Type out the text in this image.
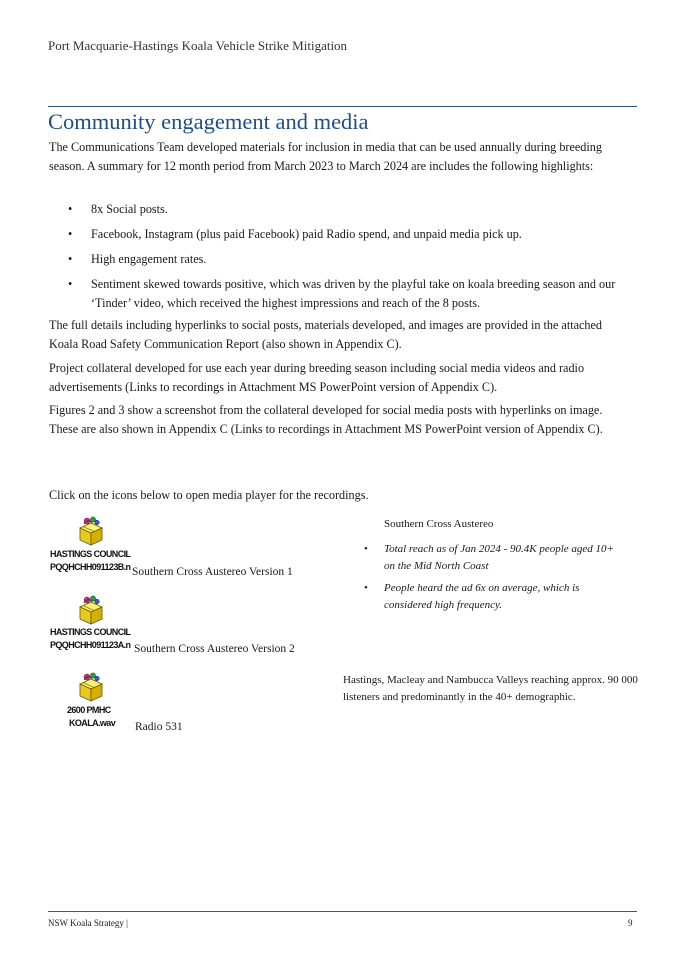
Port Macquarie-Hastings Koala Vehicle Strike Mitigation
Community engagement and media
The Communications Team developed materials for inclusion in media that can be used annually during breeding season. A summary for 12 month period from March 2023 to March 2024 are includes the following highlights:
• 8x Social posts.
• Facebook, Instagram (plus paid Facebook) paid Radio spend, and unpaid media pick up.
• High engagement rates.
• Sentiment skewed towards positive, which was driven by the playful take on koala breeding season and our ‘Tinder’ video, which received the highest impressions and reach of the 8 posts.
The full details including hyperlinks to social posts, materials developed, and images are provided in the attached Koala Road Safety Communication Report (also shown in Appendix C).
Project collateral developed for use each year during breeding season including social media videos and radio advertisements (Links to recordings in Attachment MS PowerPoint version of Appendix C).
Figures 2 and 3 show a screenshot from the collateral developed for social media posts with hyperlinks on image. These are also shown in Appendix C (Links to recordings in Attachment MS PowerPoint version of Appendix C).
Click on the icons below to open media player for the recordings.
HASTINGS COUNCIL
PQQHCHH091123B.n Southern Cross Austereo Version 1
HASTINGS COUNCIL
PQQHCHH091123A.n Southern Cross Austereo Version 2
2600 PMHC
KOALA.wav Radio 531
Southern Cross Austereo
• Total reach as of Jan 2024 - 90.4K people aged 10+ on the Mid North Coast
• People heard the ad 6x on average, which is considered high frequency.
Hastings, Macleay and Nambucca Valleys reaching approx. 90 000 listeners and predominantly in the 40+ demographic.
NSW Koala Strategy |	9
